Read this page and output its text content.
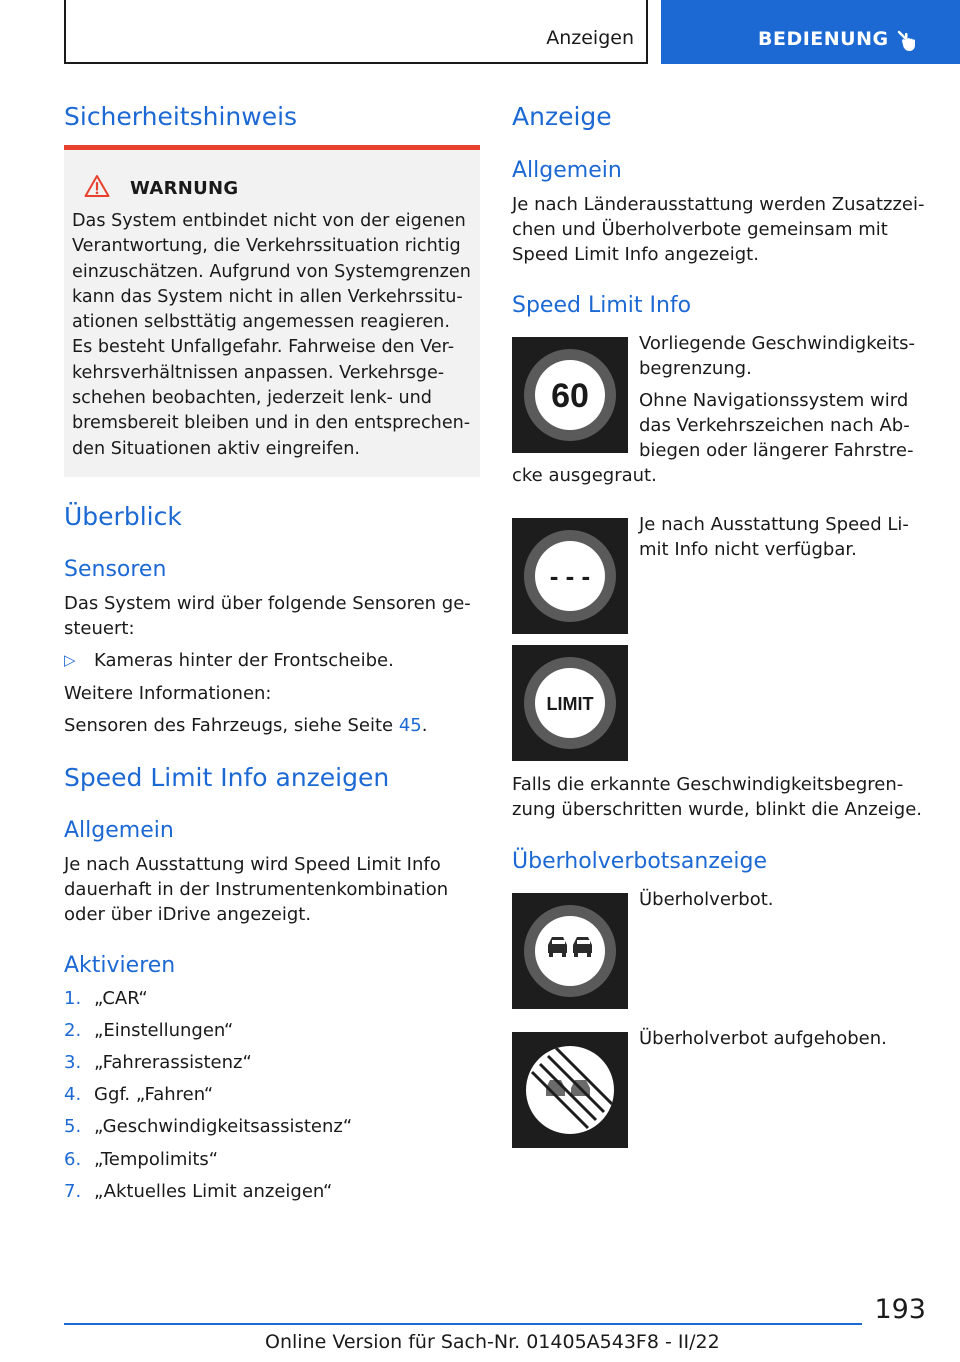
Anzeigen	BEDIENUNG
Sicherheitshinweis
WARNUNG

Das System entbindet nicht von der eigenen

Verantwortung, die Verkehrssituation richtig

einzuschätzen. Aufgrund von Systemgrenzen

kann das System nicht in allen Verkehrssitu-

ationen selbsttätig angemessen reagieren.

Es besteht Unfallgefahr. Fahrweise den Ver-

kehrsverhältnissen anpassen. Verkehrsge-

schehen beobachten, jederzeit lenk- und

bremsbereit bleiben und in den entsprechen-

den Situationen aktiv eingreifen.

Überblick
Sensoren
Das System wird über folgende Sensoren ge-
steuert:
▷ Kameras hinter der Frontscheibe.
Weitere Informationen:
Sensoren des Fahrzeugs, siehe Seite 45.
Speed Limit Info anzeigen
Allgemein
Je nach Ausstattung wird Speed Limit Info
dauerhaft in der Instrumentenkombination
oder über iDrive angezeigt.
Aktivieren
1. „CAR“
2. „Einstellungen“
3. „Fahrerassistenz“
4. Ggf. „Fahren“
5. „Geschwindigkeitsassistenz“
6. „Tempolimits“
7. „Aktuelles Limit anzeigen“
Anzeige
Allgemein
Je nach Länderausstattung werden Zusatzzei-
chen und Überholverbote gemeinsam mit
Speed Limit Info angezeigt.
Speed Limit Info
60

Vorliegende Geschwindigkeits-

begrenzung.

Ohne Navigationssystem wird

das Verkehrszeichen nach Ab-

biegen oder längerer Fahrstre-

cke ausgegraut.
- - -

Je nach Ausstattung Speed Li-

mit Info nicht verfügbar.

LIMIT
Falls die erkannte Geschwindigkeitsbegren-
zung überschritten wurde, blinkt die Anzeige.
Überholverbotsanzeige
Überholverbot.
Überholverbot aufgehoben.
193
Online Version für Sach-Nr. 01405A543F8 - II/22
